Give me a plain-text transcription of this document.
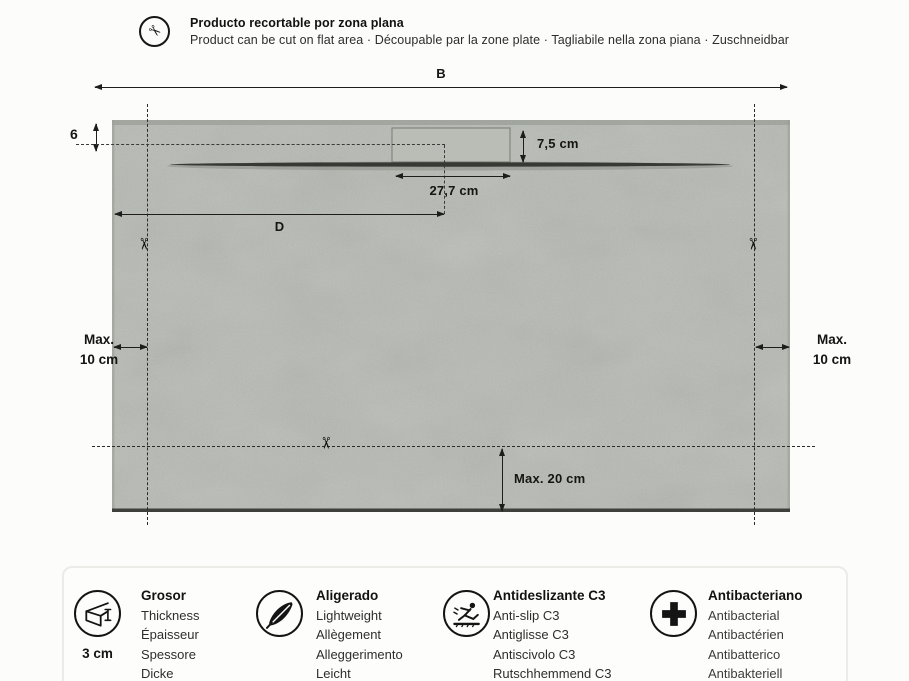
✂ Producto recortable por zona plana
Product can be cut on flat area · Découpable par la zone plate · Tagliabile nella zona piana · Zuschneidbar
B
✂	✂
✂
6
7,5 cm
27,7 cm
D
Max.
10 cm
Max.
10 cm
Max. 20 cm
3 cm
Grosor
Thickness
Épaisseur
Spessore
Dicke
Aligerado
Lightweight
Allègement
Alleggerimento
Leicht
Antideslizante C3
Anti-slip C3
Antiglisse C3
Antiscivolo C3
Rutschhemmend C3
Antibacteriano
Antibacterial
Antibactérien
Antibatterico
Antibakteriell
